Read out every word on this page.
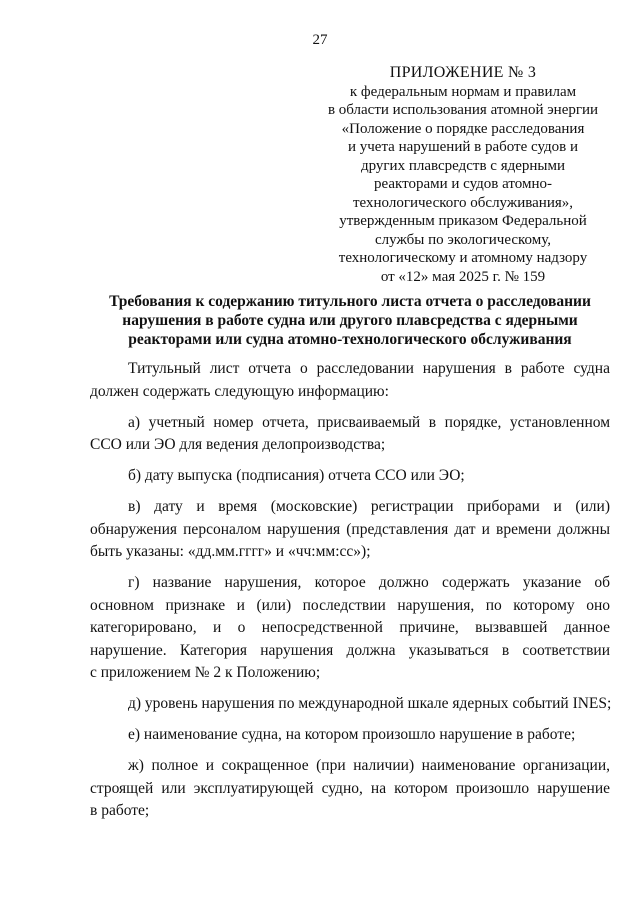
27
ПРИЛОЖЕНИЕ № 3
к федеральным нормам и правилам
в области использования атомной энергии
«Положение о порядке расследования
и учета нарушений в работе судов и
других плавсредств с ядерными
реакторами и судов атомно-
технологического обслуживания»,
утвержденным приказом Федеральной
службы по экологическому,
технологическому и атомному надзору
от «12» мая 2025 г. № 159
Требования к содержанию титульного листа отчета о расследовании
нарушения в работе судна или другого плавсредства с ядерными
реакторами или судна атомно-технологического обслуживания
Титульный лист отчета о расследовании нарушения в работе судна
должен содержать следующую информацию:
а) учетный номер отчета, присваиваемый в порядке, установленном
ССО или ЭО для ведения делопроизводства;
б) дату выпуска (подписания) отчета ССО или ЭО;
в) дату и время (московские) регистрации приборами и (или)
обнаружения персоналом нарушения (представления дат и времени должны
быть указаны: «дд.мм.гггг» и «чч:мм:сс»);
г) название нарушения, которое должно содержать указание об
основном признаке и (или) последствии нарушения, по которому оно
категорировано, и о непосредственной причине, вызвавшей данное
нарушение. Категория нарушения должна указываться в соответствии
с приложением № 2 к Положению;
д) уровень нарушения по международной шкале ядерных событий INES;
е) наименование судна, на котором произошло нарушение в работе;
ж) полное и сокращенное (при наличии) наименование организации,
строящей или эксплуатирующей судно, на котором произошло нарушение
в работе;
